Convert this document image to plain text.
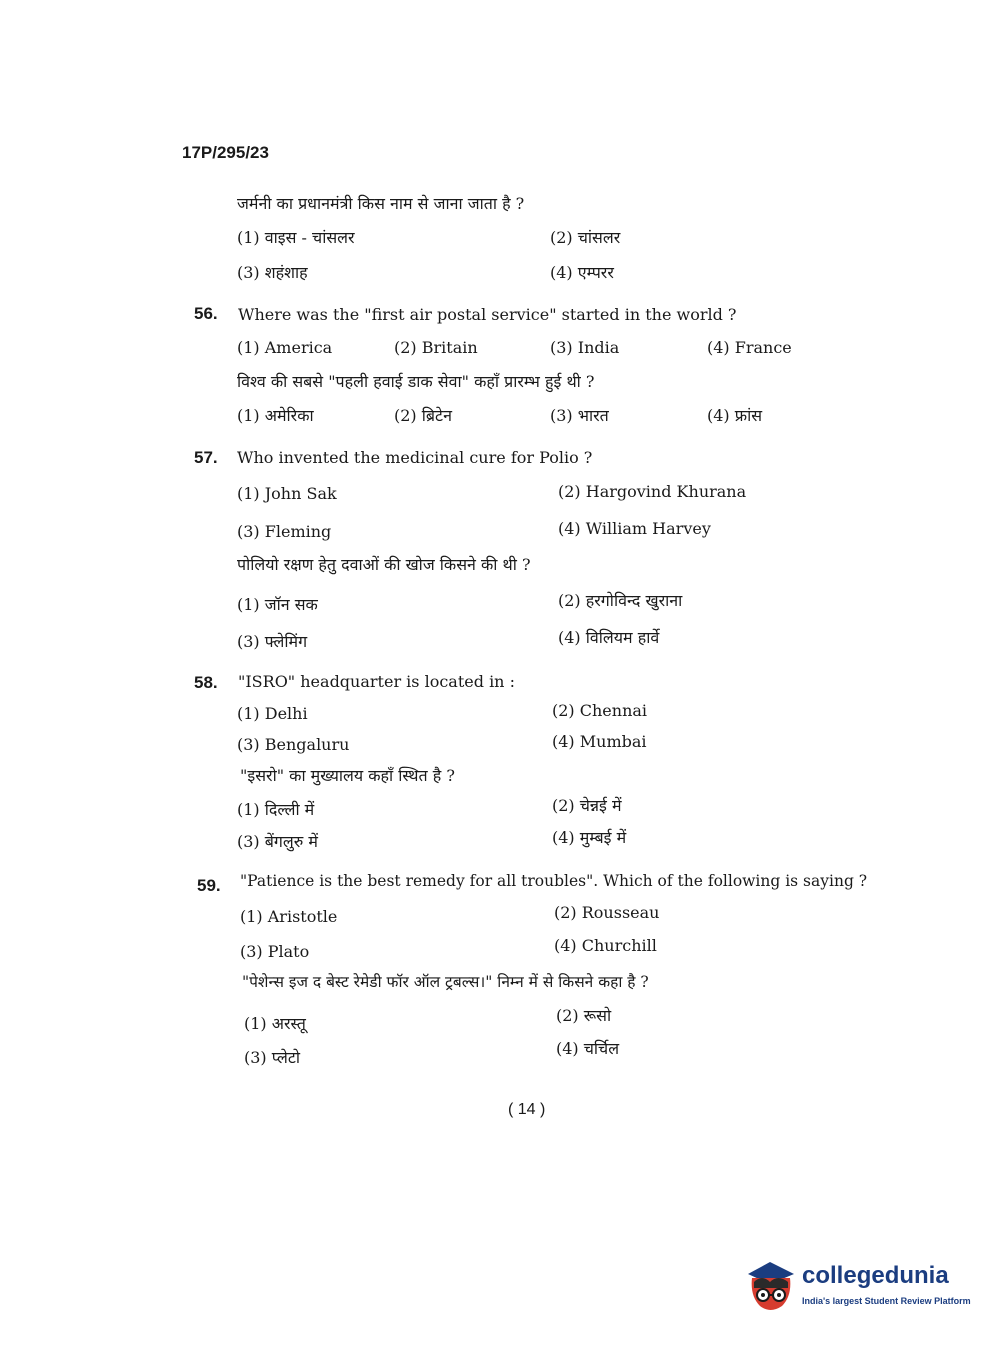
17P/295/23
जर्मनी का प्रधानमंत्री किस नाम से जाना जाता है ?
(1) वाइस - चांसलर	(2) चांसलर
(3) शहंशाह	(4) एम्परर
56. Where was the "first air postal service" started in the world ?
(1) America	(2) Britain	(3) India	(4) France
विश्व की सबसे "पहली हवाई डाक सेवा" कहाँ प्रारम्भ हुई थी ?
(1) अमेरिका	(2) ब्रिटेन	(3) भारत	(4) फ्रांस
57. Who invented the medicinal cure for Polio ?
(1) John Sak	(2) Hargovind Khurana
(3) Fleming	(4) William Harvey
पोलियो रक्षण हेतु दवाओं की खोज किसने की थी ?
(1) जॉन सक	(2) हरगोविन्द खुराना
(3) फ्लेमिंग	(4) विलियम हार्वे
58. "ISRO" headquarter is located in :
(1) Delhi	(2) Chennai
(3) Bengaluru	(4) Mumbai
"इसरो" का मुख्यालय कहाँ स्थित है ?
(1) दिल्ली में	(2) चेन्नई में
(3) बेंगलुरु में	(4) मुम्बई में
59. "Patience is the best remedy for all troubles". Which of the following is saying ?
(1) Aristotle	(2) Rousseau
(3) Plato	(4) Churchill
"पेशेन्स इज द बेस्ट रेमेडी फॉर ऑल ट्रबल्स।" निम्न में से किसने कहा है ?
(1) अरस्तू	(2) रूसो
(3) प्लेटो	(4) चर्चिल
( 14 )
collegedunia
India's largest Student Review Platform
